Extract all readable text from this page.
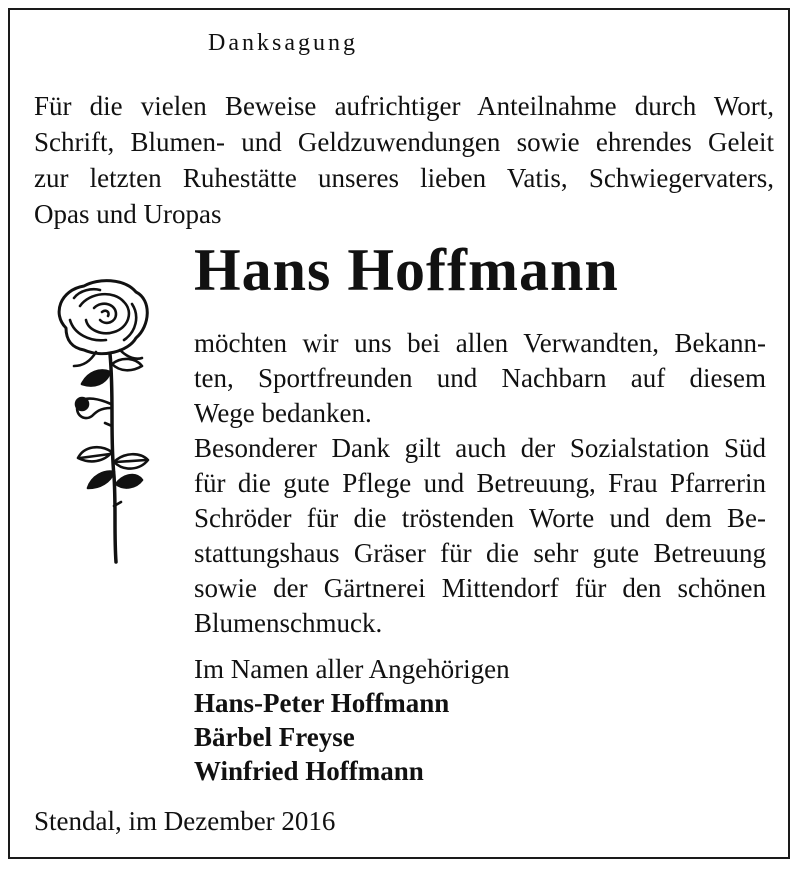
Danksagung
Für die vielen Beweise aufrichtiger Anteilnahme durch Wort,
Schrift, Blumen- und Geldzuwendungen sowie ehrendes Geleit
zur letzten Ruhestätte unseres lieben Vatis, Schwiegervaters,
Opas und Uropas
Hans Hoffmann
möchten wir uns bei allen Verwandten, Bekann-
ten, Sportfreunden und Nachbarn auf diesem
Wege bedanken.
Besonderer Dank gilt auch der Sozialstation Süd
für die gute Pflege und Betreuung, Frau Pfarrerin
Schröder für die tröstenden Worte und dem Be-
stattungshaus Gräser für die sehr gute Betreuung
sowie der Gärtnerei Mittendorf für den schönen
Blumenschmuck.
Im Namen aller Angehörigen
Hans-Peter Hoffmann
Bärbel Freyse
Winfried Hoffmann
Stendal, im Dezember 2016
